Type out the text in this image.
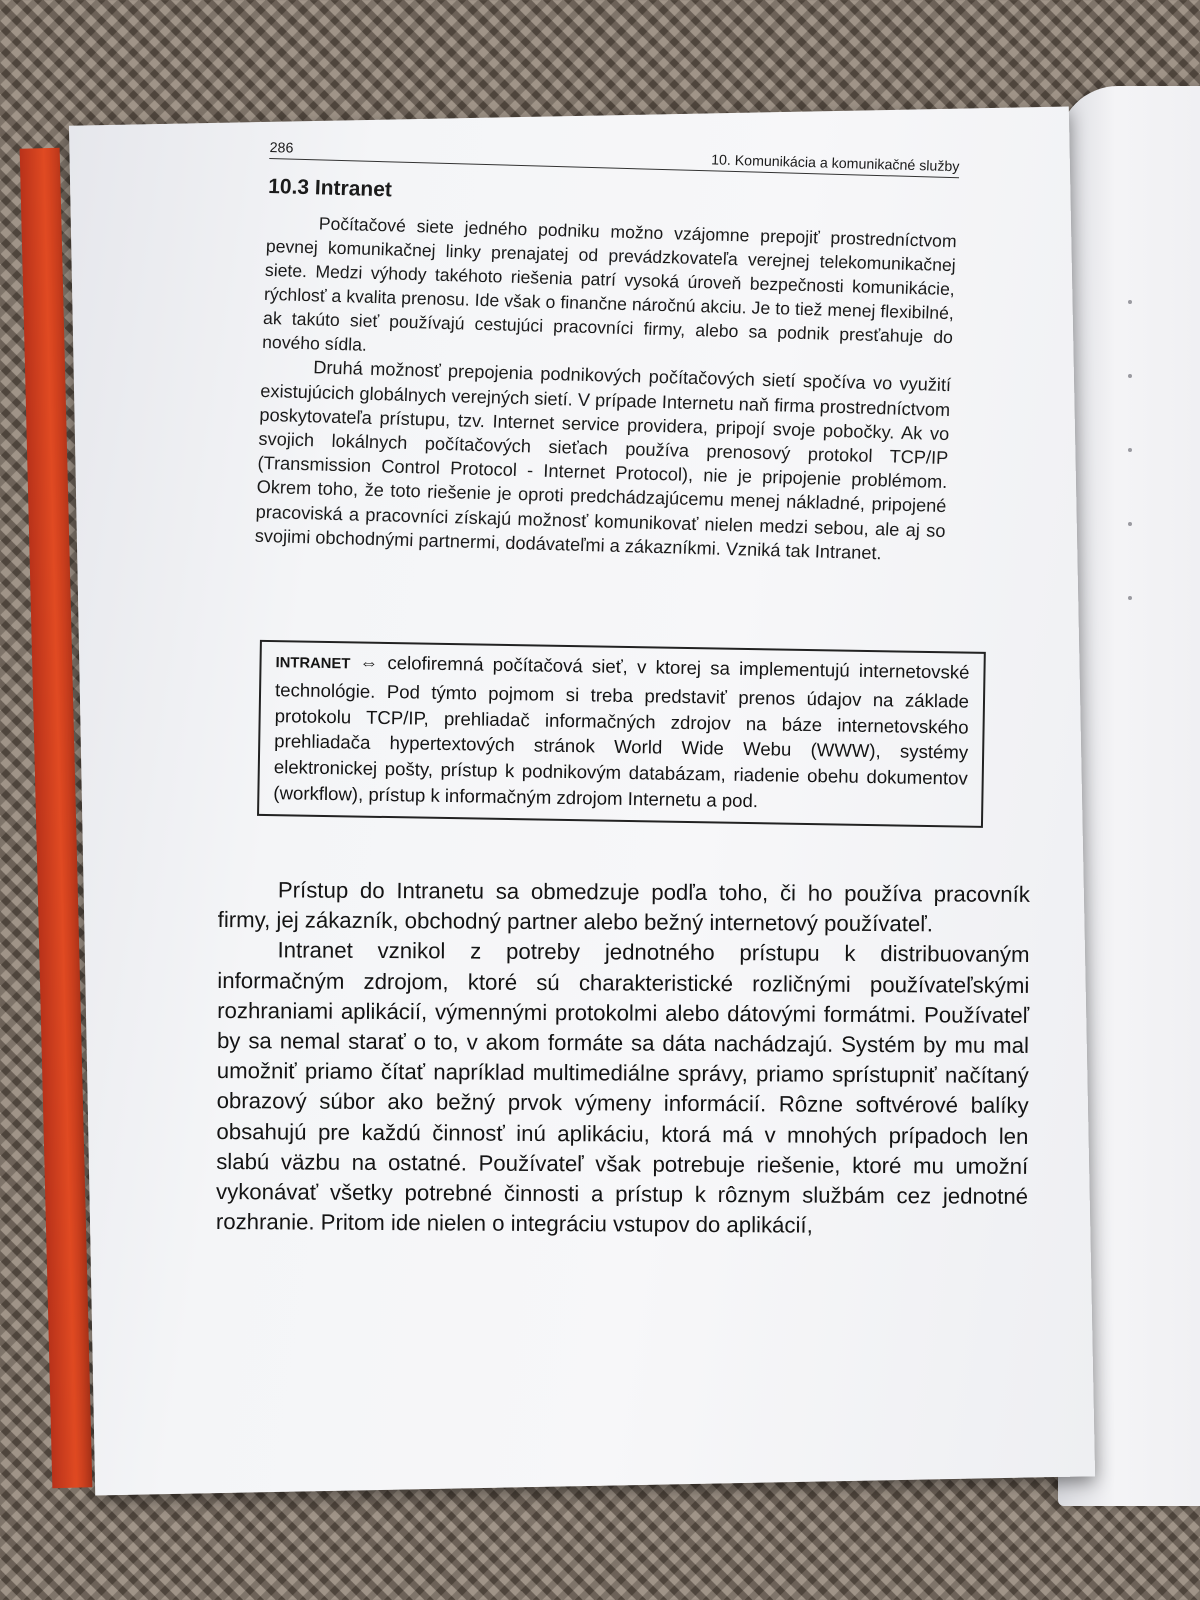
286
10. Komunikácia a komunikačné služby
10.3 Intranet

Počítačové siete jedného podniku možno vzájomne prepojiť prostredníctvom pevnej komunikačnej linky prenajatej od prevádzkovateľa verejnej telekomunikačnej siete. Medzi výhody takéhoto riešenia patrí vysoká úroveň bezpečnosti komunikácie, rýchlosť a kvalita prenosu. Ide však o finančne náročnú akciu. Je to tiež menej flexibilné, ak takúto sieť používajú cestujúci pracovníci firmy, alebo sa podnik presťahuje do nového sídla.

Druhá možnosť prepojenia podnikových počítačových sietí spočíva vo využití existujúcich globálnych verejných sietí. V prípade Internetu naň firma prostredníctvom poskytovateľa prístupu, tzv. Internet service providera, pripojí svoje pobočky. Ak vo svojich lokálnych počítačových sieťach používa prenosový protokol TCP/IP (Transmission Control Protocol - Internet Protocol), nie je pripojenie problémom. Okrem toho, že toto riešenie je oproti predchádzajúcemu menej nákladné, pripojené pracoviská a pracovníci získajú možnosť komunikovať nielen medzi sebou, ale aj so svojimi obchodnými partnermi, dodávateľmi a zákazníkmi. Vzniká tak Intranet.

INTRANET ⇔ celofiremná počítačová sieť, v ktorej sa implementujú internetovské technológie. Pod týmto pojmom si treba predstaviť prenos údajov na základe protokolu TCP/IP, prehliadač informačných zdrojov na báze internetovského prehliadača hypertextových stránok World Wide Webu (WWW), systémy elektronickej pošty, prístup k podnikovým databázam, riadenie obehu dokumentov (workflow), prístup k informačným zdrojom Internetu a pod.

Prístup do Intranetu sa obmedzuje podľa toho, či ho používa pracovník firmy, jej zákazník, obchodný partner alebo bežný internetový používateľ.

Intranet vznikol z potreby jednotného prístupu k distribuovaným informačným zdrojom, ktoré sú charakteristické rozličnými používateľskými rozhraniami aplikácií, výmennými protokolmi alebo dátovými formátmi. Používateľ by sa nemal starať o to, v akom formáte sa dáta nachádzajú. Systém by mu mal umožniť priamo čítať napríklad multimediálne správy, priamo sprístupniť načítaný obrazový súbor ako bežný prvok výmeny informácií. Rôzne softvérové balíky obsahujú pre každú činnosť inú aplikáciu, ktorá má v mnohých prípadoch len slabú väzbu na ostatné. Používateľ však potrebuje riešenie, ktoré mu umožní vykonávať všetky potrebné činnosti a prístup k rôznym službám cez jednotné rozhranie. Pritom ide nielen o integráciu vstupov do aplikácií,
